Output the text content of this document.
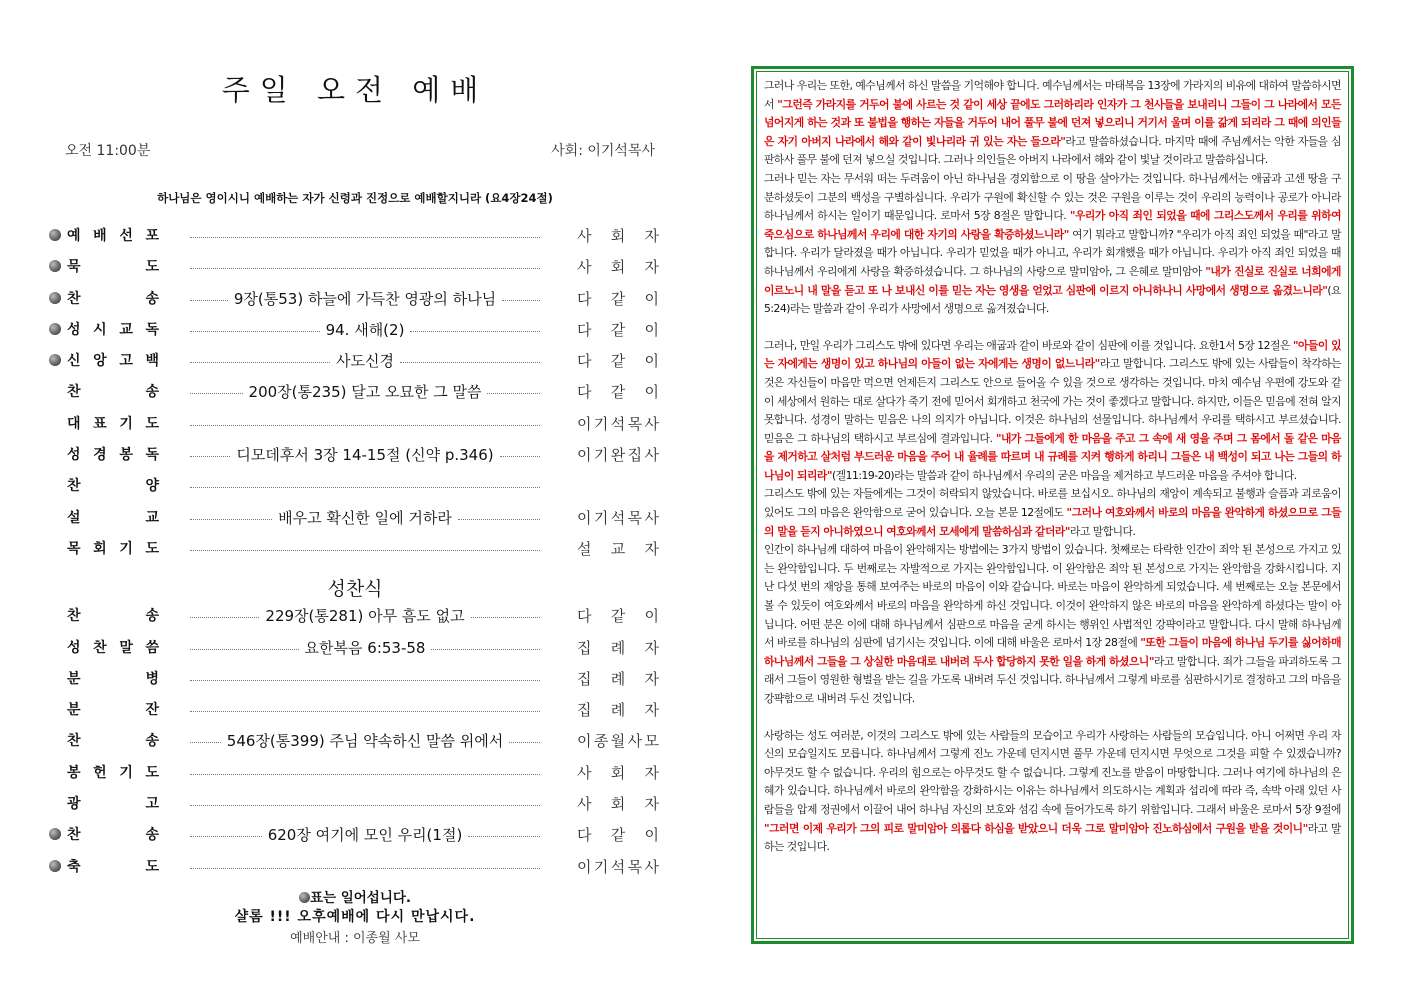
주일 오전 예배
오전 11:00분	사회: 이기석목사
하나님은 영이시니 예배하는 자가 신령과 진정으로 예배할지니라 (요4장24절)
예 배 선 포	사 회 자
묵	도	사 회 자
찬	송	9장(통53) 하늘에 가득찬 영광의 하나님	다 같 이
성 시 교 독	94. 새해(2)	다 같 이
신 앙 고 백	사도신경	다 같 이
찬	송	200장(통235) 달고 오묘한 그 말씀	다 같 이
대 표 기 도	이 기 석 목 사
성 경 봉 독	디모데후서 3장 14-15절 (신약 p.346)	이 기 완 집 사
찬	양
설	교	배우고 확신한 일에 거하라	이 기 석 목 사
목 회 기 도	설 교 자
성찬식
찬	송	229장(통281) 아무 흠도 없고	다 같 이
성 찬 말 씀	요한복음 6:53-58	집 례 자
분	병	집 례 자
분	잔	집 례 자
찬	송	546장(통399) 주님 약속하신 말씀 위에서	이 종 월 사 모
봉 헌 기 도	사 회 자
광	고	사 회 자
찬	송	620장 여기에 모인 우리(1절)	다 같 이
축	도	이 기 석 목 사
표는 일어섭니다.
샬롬 !!! 오후예배에 다시 만납시다.
예배안내 : 이종월 사모

그러나 우리는 또한, 예수님께서 하신 말씀을 기억해야 합니다. 예수님께서는 마태복음 13장에 가라지의 비유에 대하여 말씀하시면서 "그런즉 가라지를 거두어 불에 사르는 것 같이 세상 끝에도 그러하리라 인자가 그 천사들을 보내리니 그들이 그 나라에서 모든 넘어지게 하는 것과 또 불법을 행하는 자들을 거두어 내어 풀무 불에 던져 넣으리니 거기서 울며 이를 갊게 되리라 그 때에 의인들은 자기 아버지 나라에서 해와 같이 빛나리라 귀 있는 자는 들으라"라고 말씀하셨습니다. 마지막 때에 주님께서는 악한 자들을 심판하사 풀무 불에 던져 넣으실 것입니다. 그러나 의인들은 아버지 나라에서 해와 같이 빛날 것이라고 말씀하십니다.

그러나 믿는 자는 무서워 떠는 두려움이 아닌 하나님을 경외함으로 이 땅을 살아가는 것입니다. 하나님께서는 애굽과 고센 땅을 구분하셨듯이 그분의 백성을 구별하십니다. 우리가 구원에 확신할 수 있는 것은 구원을 이루는 것이 우리의 능력이나 공로가 아니라 하나님께서 하시는 일이기 때문입니다. 로마서 5장 8절은 말합니다. "우리가 아직 죄인 되었을 때에 그리스도께서 우리를 위하여 죽으심으로 하나님께서 우리에 대한 자기의 사랑을 확증하셨느니라" 여기 뭐라고 말합니까? "우리가 아직 죄인 되었을 때"라고 말합니다. 우리가 달라졌을 때가 아닙니다. 우리가 믿었을 때가 아니고, 우리가 회개했을 때가 아닙니다. 우리가 아직 죄인 되었을 때 하나님께서 우리에게 사랑을 확증하셨습니다. 그 하나님의 사랑으로 말미암아, 그 은혜로 말미암아 "내가 진실로 진실로 너희에게 이르노니 내 말을 듣고 또 나 보내신 이를 믿는 자는 영생을 얻었고 심판에 이르지 아니하나니 사망에서 생명으로 옮겼느니라"(요5:24)라는 말씀과 같이 우리가 사망에서 생명으로 옮겨졌습니다.

그러나, 만일 우리가 그리스도 밖에 있다면 우리는 애굽과 같이 바로와 같이 심판에 이를 것입니다. 요한1서 5장 12절은 "아들이 있는 자에게는 생명이 있고 하나님의 아들이 없는 자에게는 생명이 없느니라"라고 말합니다. 그리스도 밖에 있는 사람들이 착각하는 것은 자신들이 마음만 먹으면 언제든지 그리스도 안으로 들어올 수 있을 것으로 생각하는 것입니다. 마치 예수님 우편에 강도와 같이 세상에서 원하는 대로 살다가 죽기 전에 믿어서 회개하고 천국에 가는 것이 좋겠다고 말합니다. 하지만, 이들은 믿음에 전혀 알지 못합니다. 성경이 말하는 믿음은 나의 의지가 아닙니다. 이것은 하나님의 선물입니다. 하나님께서 우리를 택하시고 부르셨습니다. 믿음은 그 하나님의 택하시고 부르심에 결과입니다. "내가 그들에게 한 마음을 주고 그 속에 새 영을 주며 그 몸에서 돌 같은 마음을 제거하고 살처럼 부드러운 마음을 주어 내 율례를 따르며 내 규례를 지켜 행하게 하리니 그들은 내 백성이 되고 나는 그들의 하나님이 되리라"(겔11:19-20)라는 말씀과 같이 하나님께서 우리의 굳은 마음을 제거하고 부드러운 마음을 주셔야 합니다.

그리스도 밖에 있는 자들에게는 그것이 허락되지 않았습니다. 바로를 보십시오. 하나님의 재앙이 계속되고 불행과 슬픔과 괴로움이 있어도 그의 마음은 완악함으로 굳어 있습니다. 오늘 본문 12절에도 "그러나 여호와께서 바로의 마음을 완악하게 하셨으므로 그들의 말을 듣지 아니하였으니 여호와께서 모세에게 말씀하심과 같더라"라고 말합니다.

인간이 하나님께 대하여 마음이 완악해지는 방법에는 3가지 방법이 있습니다. 첫째로는 타락한 인간이 죄악 된 본성으로 가지고 있는 완악함입니다. 두 번째로는 자발적으로 가지는 완악함입니다. 이 완악함은 죄악 된 본성으로 가지는 완악함을 강화시킵니다. 지난 다섯 번의 재앙을 통해 보여주는 바로의 마음이 이와 같습니다. 바로는 마음이 완악하게 되었습니다. 세 번째로는 오늘 본문에서 볼 수 있듯이 여호와께서 바로의 마음을 완악하게 하신 것입니다. 이것이 완악하지 않은 바로의 마음을 완악하게 하셨다는 말이 아닙니다. 어떤 분은 이에 대해 하나님께서 심판으로 마음을 굳게 하시는 행위인 사법적인 강퍅이라고 말합니다. 다시 말해 하나님께서 바로를 하나님의 심판에 넘기시는 것입니다. 이에 대해 바울은 로마서 1장 28절에 "또한 그들이 마음에 하나님 두기를 싫어하매 하나님께서 그들을 그 상실한 마음대로 내버려 두사 합당하지 못한 일을 하게 하셨으니"라고 말합니다. 죄가 그들을 파괴하도록 그래서 그들이 영원한 형벌을 받는 길을 가도록 내버려 두신 것입니다. 하나님께서 그렇게 바로를 심판하시기로 결정하고 그의 마음을 강퍅함으로 내버려 두신 것입니다.

사랑하는 성도 여러분, 이것의 그리스도 밖에 있는 사람들의 모습이고 우리가 사랑하는 사람들의 모습입니다. 아니 어쩌면 우리 자신의 모습일지도 모릅니다. 하나님께서 그렇게 진노 가운데 던지시면 풀무 가운데 던지시면 무엇으로 그것을 피할 수 있겠습니까? 아무것도 할 수 없습니다. 우리의 힘으로는 아무것도 할 수 없습니다. 그렇게 진노를 받음이 마땅합니다. 그러나 여기에 하나님의 은혜가 있습니다. 하나님께서 바로의 완악함을 강화하시는 이유는 하나님께서 의도하시는 계획과 섭리에 따라 즉, 속박 아래 있던 사람들을 압제 정권에서 이끌어 내어 하나님 자신의 보호와 섬김 속에 들어가도록 하기 위함입니다. 그래서 바울은 로마서 5장 9절에 "그러면 이제 우리가 그의 피로 말미암아 의롭다 하심을 받았으니 더욱 그로 말미암아 진노하심에서 구원을 받을 것이니"라고 말하는 것입니다.
